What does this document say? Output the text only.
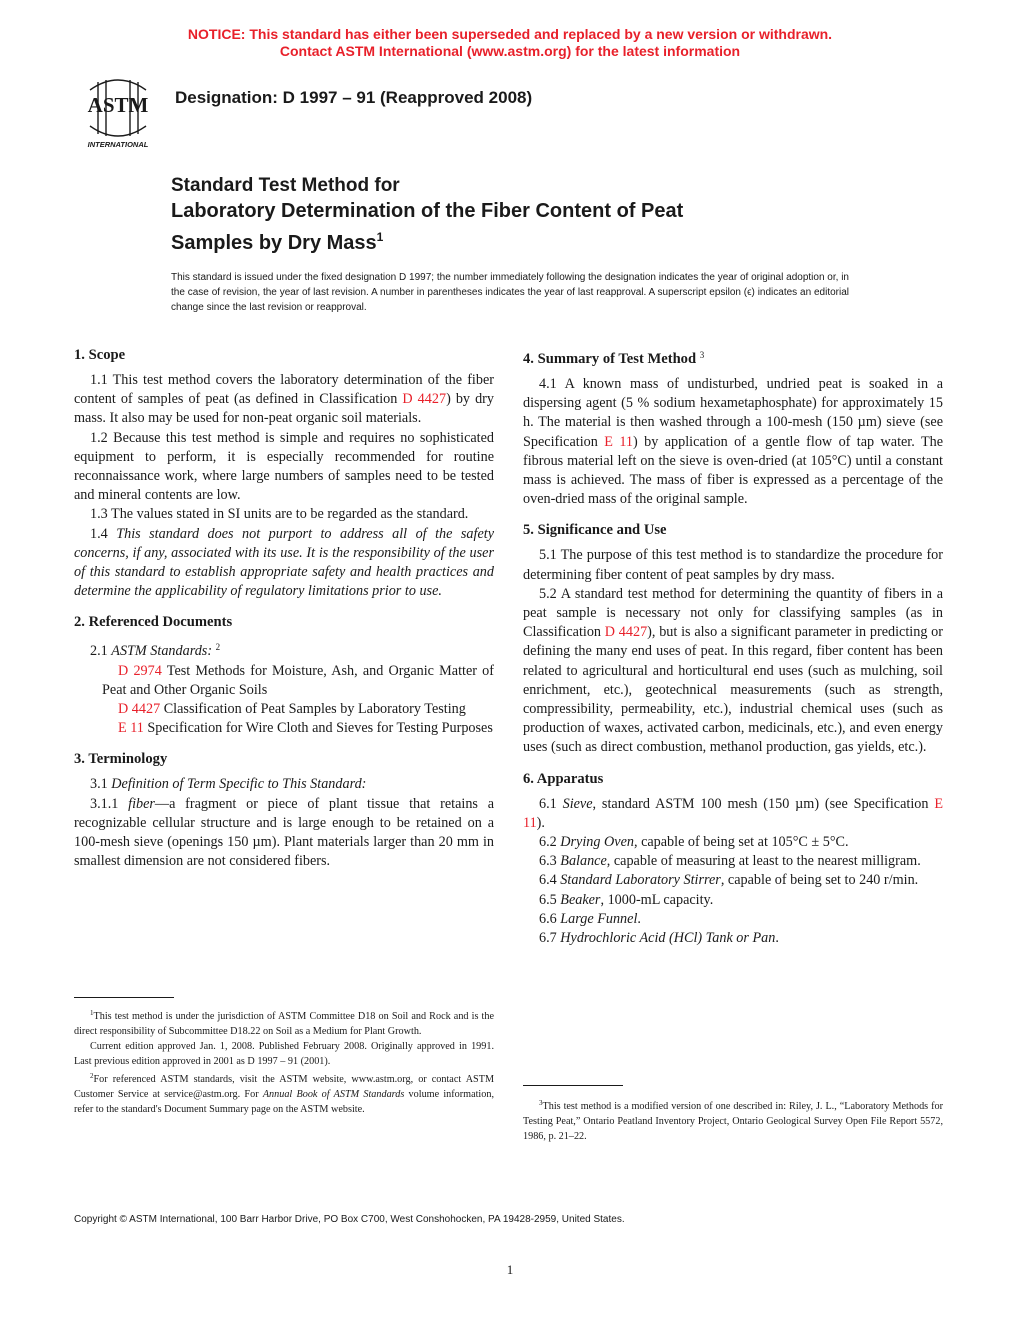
NOTICE: This standard has either been superseded and replaced by a new version or withdrawn.
Contact ASTM International (www.astm.org) for the latest information
ASTM
INTERNATIONAL
Designation: D 1997 – 91 (Reapproved 2008)
Standard Test Method for
Laboratory Determination of the Fiber Content of Peat
Samples by Dry Mass$^1$
This standard is issued under the fixed designation D 1997; the number immediately following the designation indicates the year of original adoption or, in the case of revision, the year of last revision. A number in parentheses indicates the year of last reapproval. A superscript epsilon (ϵ) indicates an editorial change since the last revision or reapproval.
1. Scope

1.1 This test method covers the laboratory determination of the fiber content of samples of peat (as defined in Classification D 4427) by dry mass. It also may be used for non-peat organic soil materials.

1.2 Because this test method is simple and requires no sophisticated equipment to perform, it is especially recommended for routine reconnaissance work, where large numbers of samples need to be tested and mineral contents are low.

1.3 The values stated in SI units are to be regarded as the standard.

1.4 This standard does not purport to address all of the safety concerns, if any, associated with its use. It is the responsibility of the user of this standard to establish appropriate safety and health practices and determine the applicability of regulatory limitations prior to use.

2. Referenced Documents

2.1 ASTM Standards: $^2$

D 2974 Test Methods for Moisture, Ash, and Organic Matter of Peat and Other Organic Soils

D 4427 Classification of Peat Samples by Laboratory Testing

E 11 Specification for Wire Cloth and Sieves for Testing Purposes

3. Terminology

3.1 Definition of Term Specific to This Standard:

3.1.1 fiber—a fragment or piece of plant tissue that retains a recognizable cellular structure and is large enough to be retained on a 100-mesh sieve (openings 150 µm). Plant materials larger than 20 mm in smallest dimension are not considered fibers.

$^1$This test method is under the jurisdiction of ASTM Committee D18 on Soil and Rock and is the direct responsibility of Subcommittee D18.22 on Soil as a Medium for Plant Growth.

Current edition approved Jan. 1, 2008. Published February 2008. Originally approved in 1991. Last previous edition approved in 2001 as D 1997 – 91 (2001).

$^2$For referenced ASTM standards, visit the ASTM website, www.astm.org, or contact ASTM Customer Service at service@astm.org. For Annual Book of ASTM Standards volume information, refer to the standard's Document Summary page on the ASTM website.

4. Summary of Test Method $^3$

4.1 A known mass of undisturbed, undried peat is soaked in a dispersing agent (5 % sodium hexametaphosphate) for approximately 15 h. The material is then washed through a 100-mesh (150 µm) sieve (see Specification E 11) by application of a gentle flow of tap water. The fibrous material left on the sieve is oven-dried (at 105°C) until a constant mass is achieved. The mass of fiber is expressed as a percentage of the oven-dried mass of the original sample.

5. Significance and Use

5.1 The purpose of this test method is to standardize the procedure for determining fiber content of peat samples by dry mass.

5.2 A standard test method for determining the quantity of fibers in a peat sample is necessary not only for classifying samples (as in Classification D 4427), but is also a significant parameter in predicting or defining the many end uses of peat. In this regard, fiber content has been related to agricultural and horticultural end uses (such as mulching, soil enrichment, etc.), geotechnical measurements (such as strength, compressibility, permeability, etc.), industrial chemical uses (such as production of waxes, activated carbon, medicinals, etc.), and even energy uses (such as direct combustion, methanol production, gas yields, etc.).

6. Apparatus

6.1 Sieve, standard ASTM 100 mesh (150 µm) (see Specification E 11).

6.2 Drying Oven, capable of being set at 105°C ± 5°C.

6.3 Balance, capable of measuring at least to the nearest milligram.

6.4 Standard Laboratory Stirrer, capable of being set to 240 r/min.

6.5 Beaker, 1000-mL capacity.

6.6 Large Funnel.

6.7 Hydrochloric Acid (HCl) Tank or Pan.

$^3$This test method is a modified version of one described in: Riley, J. L., “Laboratory Methods for Testing Peat,” Ontario Peatland Inventory Project, Ontario Geological Survey Open File Report 5572, 1986, p. 21–22.

Copyright © ASTM International, 100 Barr Harbor Drive, PO Box C700, West Conshohocken, PA 19428-2959, United States.
1
